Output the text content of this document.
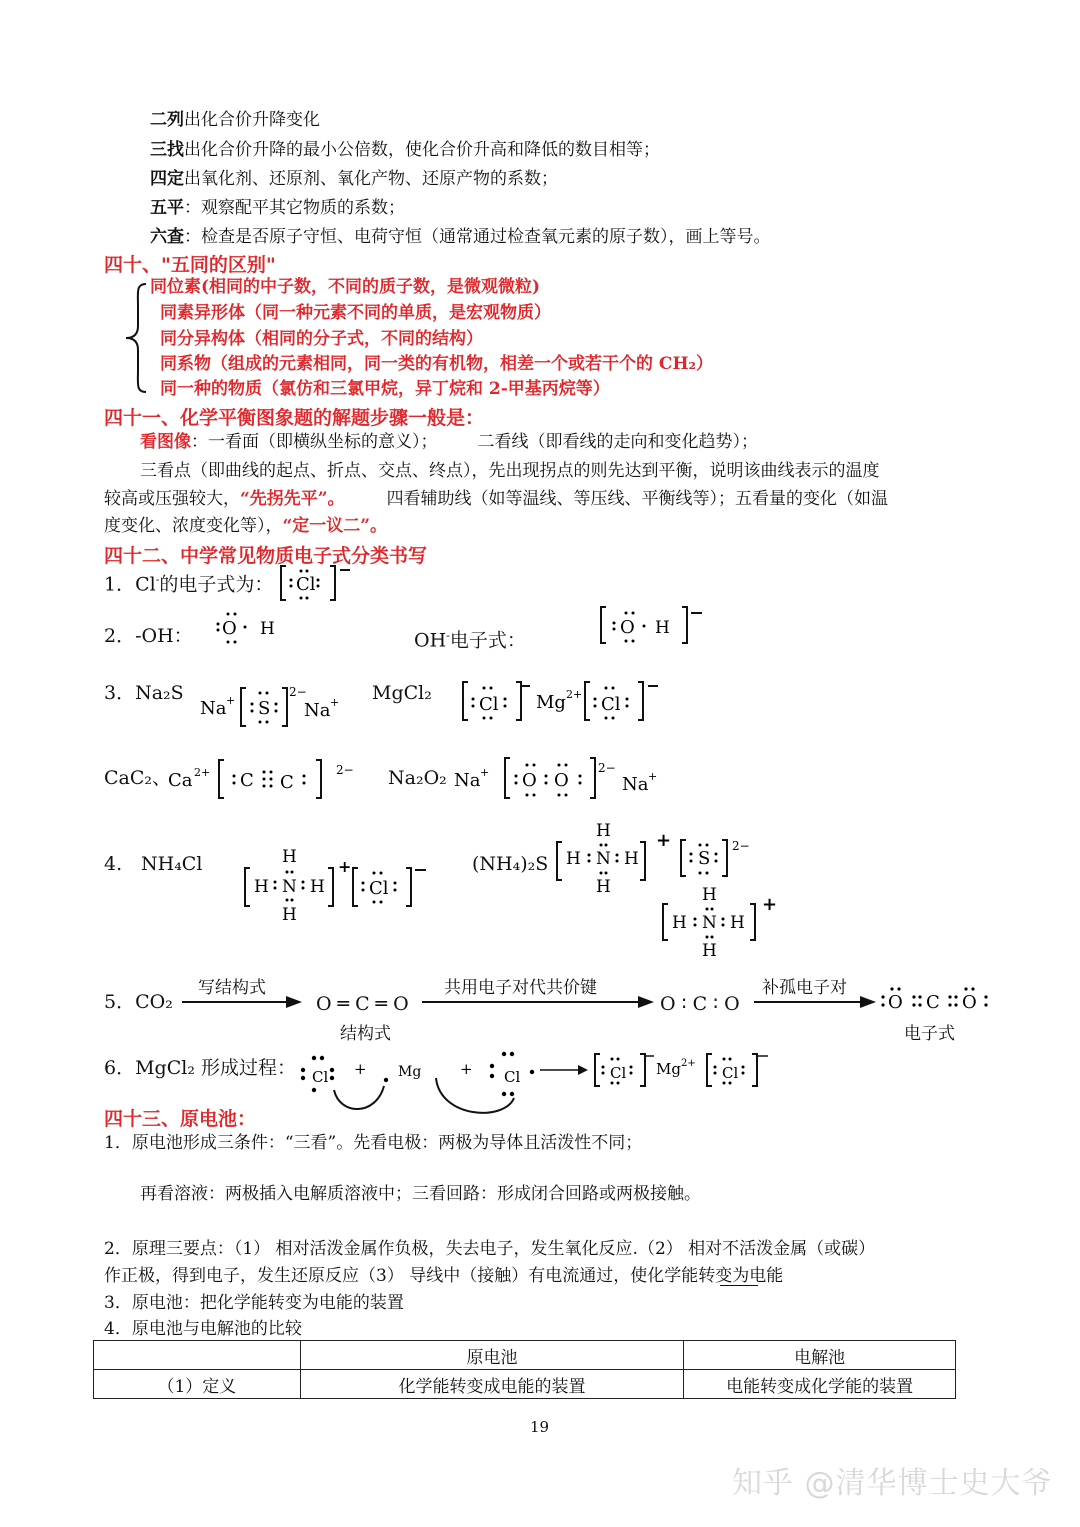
二列出化合价升降变化
三找出化合价升降的最小公倍数，使化合价升高和降低的数目相等；
四定出氧化剂、还原剂、氧化产物、还原产物的系数；
五平：观察配平其它物质的系数；
六查：检查是否原子守恒、电荷守恒（通常通过检查氧元素的原子数），画上等号。
四十、"五同的区别"
同位素(相同的中子数，不同的质子数，是微观微粒)
同素异形体（同一种元素不同的单质，是宏观物质）
同分异构体（相同的分子式，不同的结构）
同系物（组成的元素相同，同一类的有机物，相差一个或若干个的 CH₂）
同一种的物质（氯仿和三氯甲烷，异丁烷和 2-甲基丙烷等）
四十一、化学平衡图象题的解题步骤一般是：
看图像：一看面（即横纵坐标的意义）； 二看线（即看线的走向和变化趋势）；
三看点（即曲线的起点、折点、交点、终点），先出现拐点的则先达到平衡，说明该曲线表示的温度
较高或压强较大，“先拐先平”。 四看辅助线（如等温线、等压线、平衡线等）；五看量的变化（如温
度变化、浓度变化等），“定一议二”。
四十二、中学常见物质电子式分类书写
1．Cl-的电子式为： Cl
2．-OH： O H
OH-电子式：
O H
3．Na₂S
Na + S
2−
Na + MgCl₂
Cl Mg 2+ Cl
CaC₂、
Ca 2+ C C
2− Na₂O₂ Na + O O
2−
Na +
4. NH₄Cl	H
H N H
H
+
Cl
(NH₄)₂S
H
H N H
H
+
S
2−
H
H N H
H
+
5．CO₂
写结构式
O ═ C ═ O
结构式
共用电子对代共价键
O ∶ C ∶ O
补孤电子对
O C O
电子式
6．MgCl₂ 形成过程： Cl + Mg	+ Cl	Cl Mg 2+
Cl
四十三、原电池：
1．原电池形成三条件：“三看”。先看电极：两极为导体且活泼性不同；
再看溶液：两极插入电解质溶液中；三看回路：形成闭合回路或两极接触。
2．原理三要点：（1） 相对活泼金属作负极，失去电子，发生氧化反应.（2） 相对不活泼金属（或碳）
作正极，得到电子，发生还原反应（3） 导线中（接触）有电流通过，使化学能转变为电能
3．原电池：把化学能转变为电能的装置
4．原电池与电解池的比较
	原电池	电解池
（1）定义	化学能转变成电能的装置	电能转变成化学能的装置
19
知乎 @清华博士史大爷
